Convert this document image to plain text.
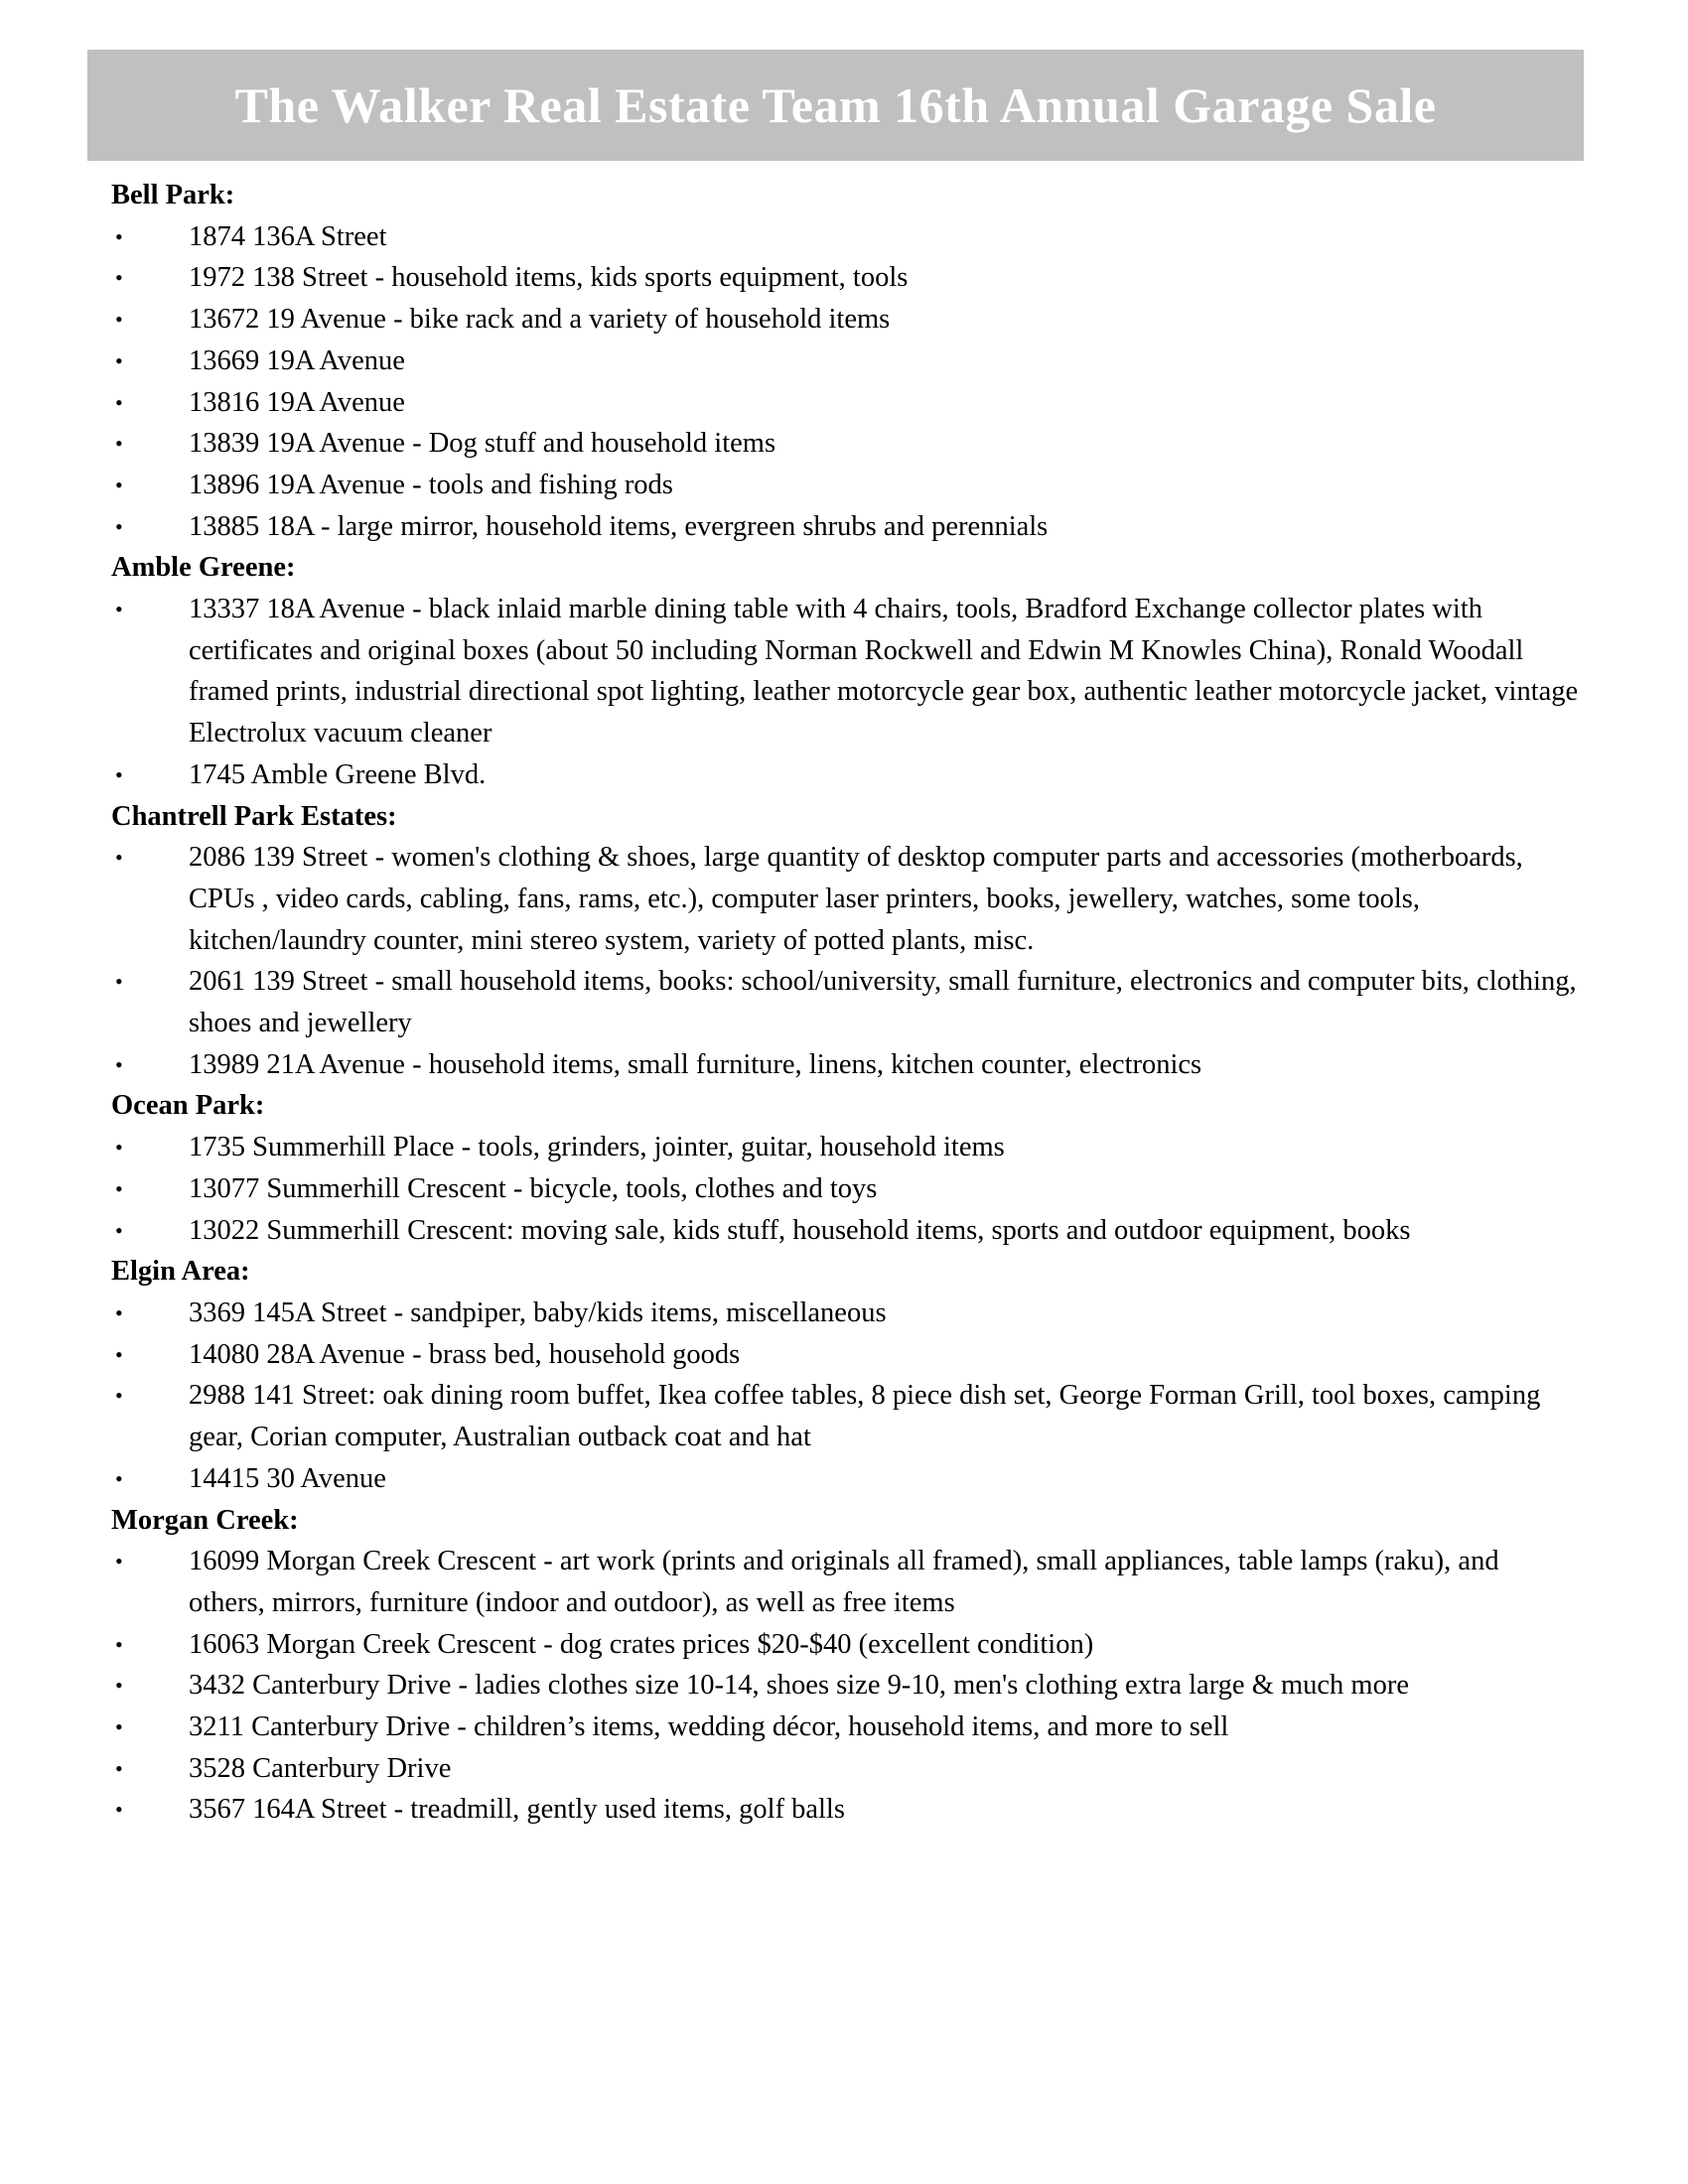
The Walker Real Estate Team 16th Annual Garage Sale

Bell Park:

• 1874 136A Street
• 1972 138 Street - household items, kids sports equipment, tools
• 13672 19 Avenue - bike rack and a variety of household items
• 13669 19A Avenue
• 13816 19A Avenue
• 13839 19A Avenue - Dog stuff and household items
• 13896 19A Avenue - tools and fishing rods
• 13885 18A - large mirror, household items, evergreen shrubs and perennials

Amble Greene:

• 13337 18A Avenue - black inlaid marble dining table with 4 chairs, tools, Bradford Exchange collector plates with certificates and original boxes (about 50 including Norman Rockwell and Edwin M Knowles China), Ronald Woodall framed prints, industrial directional spot lighting, leather motorcycle gear box, authentic leather motorcycle jacket, vintage Electrolux vacuum cleaner
• 1745 Amble Greene Blvd.

Chantrell Park Estates:

• 2086 139 Street - women's clothing & shoes, large quantity of desktop computer parts and accessories (motherboards, CPUs , video cards, cabling, fans, rams, etc.), computer laser printers, books, jewellery, watches, some tools, kitchen/laundry counter, mini stereo system, variety of potted plants, misc.
• 2061 139 Street - small household items, books: school/university, small furniture, electronics and computer bits, clothing, shoes and jewellery
• 13989 21A Avenue - household items, small furniture, linens, kitchen counter, electronics

Ocean Park:

• 1735 Summerhill Place - tools, grinders, jointer, guitar, household items
• 13077 Summerhill Crescent - bicycle, tools, clothes and toys
• 13022 Summerhill Crescent: moving sale, kids stuff, household items, sports and outdoor equipment, books

Elgin Area:

• 3369 145A Street - sandpiper, baby/kids items, miscellaneous
• 14080 28A Avenue - brass bed, household goods
• 2988 141 Street: oak dining room buffet, Ikea coffee tables, 8 piece dish set, George Forman Grill, tool boxes, camping gear, Corian computer, Australian outback coat and hat
• 14415 30 Avenue

Morgan Creek:

• 16099 Morgan Creek Crescent - art work (prints and originals all framed), small appliances, table lamps (raku), and others, mirrors, furniture (indoor and outdoor), as well as free items
• 16063 Morgan Creek Crescent - dog crates prices $20-$40 (excellent condition)
• 3432 Canterbury Drive - ladies clothes size 10-14, shoes size 9-10, men's clothing extra large & much more
• 3211 Canterbury Drive - children’s items, wedding décor, household items, and more to sell
• 3528 Canterbury Drive
• 3567 164A Street - treadmill, gently used items, golf balls
